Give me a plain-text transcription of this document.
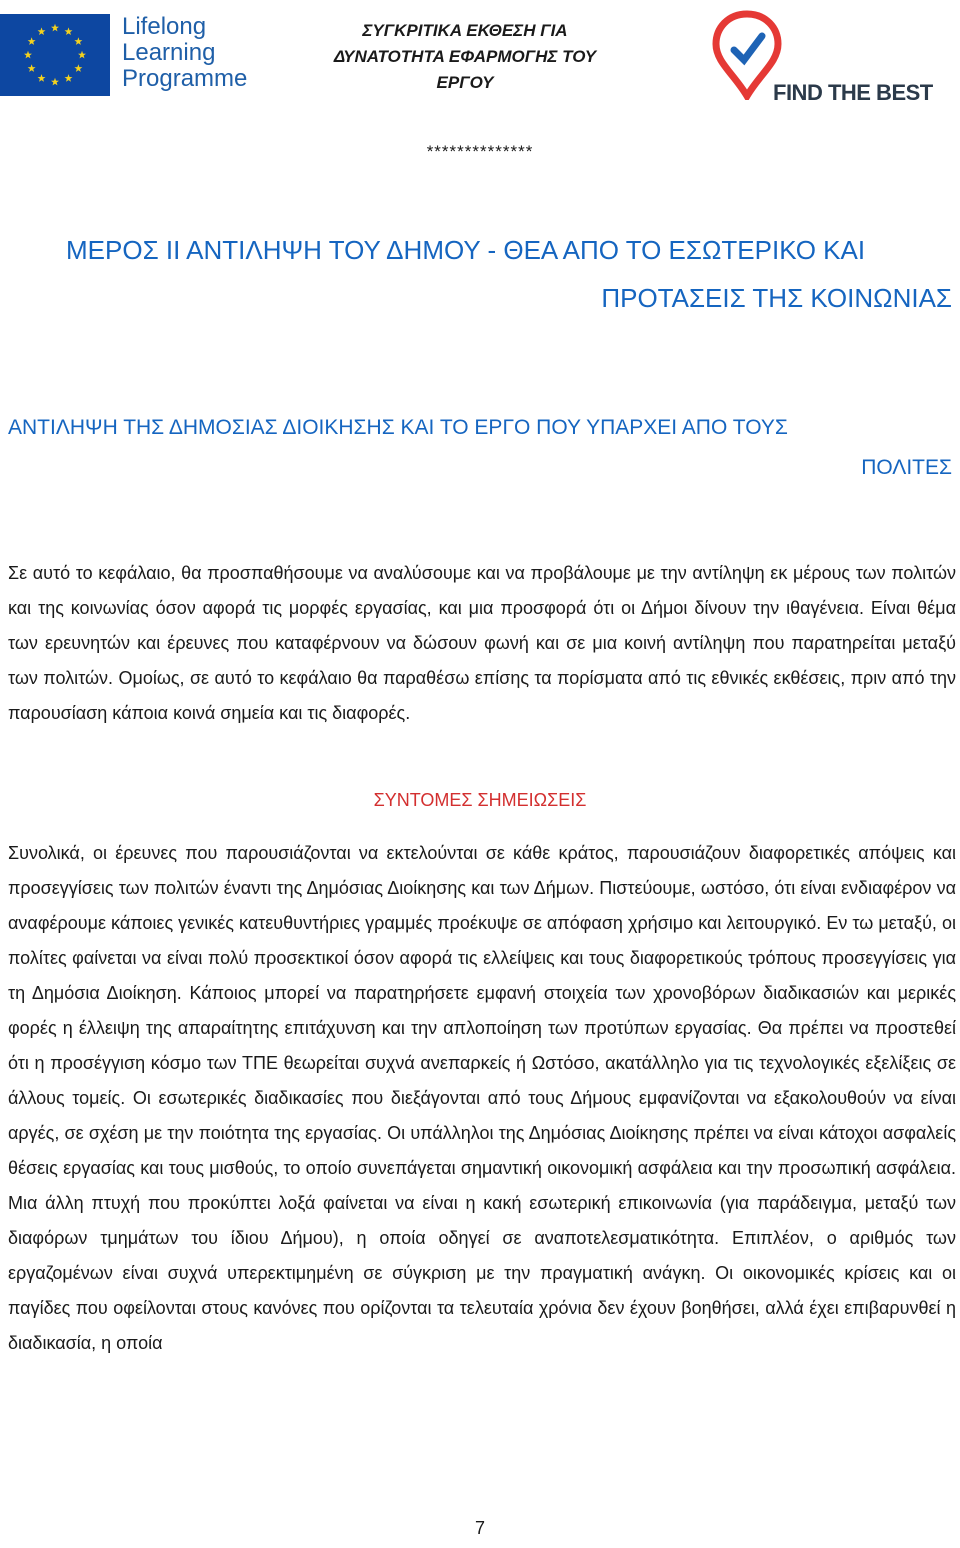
Lifelong
Learning
Programme
ΣΥΓΚΡΙΤΙΚΑ ΕΚΘΕΣΗ ΓΙΑ
ΔΥΝΑΤΟΤΗΤΑ ΕΦΑΡΜΟΓΗΣ ΤΟΥ
ΕΡΓΟΥ	FIND THE BEST
**************
ΜΕΡΟΣ ΙΙ ΑΝΤΙΛΗΨΗ ΤΟΥ ΔΗΜΟΥ - ΘΕΑ ΑΠΟ ΤΟ ΕΣΩΤΕΡΙΚΟ ΚΑΙ
ΠΡΟΤΑΣΕΙΣ ΤΗΣ ΚΟΙΝΩΝΙΑΣ
ΑΝΤΙΛΗΨΗ ΤΗΣ ΔΗΜΟΣΙΑΣ ΔΙΟΙΚΗΣΗΣ ΚΑΙ ΤΟ ΕΡΓΟ ΠΟΥ ΥΠΑΡΧΕΙ ΑΠΟ ΤΟΥΣ
ΠΟΛΙΤΕΣ
Σε αυτό το κεφάλαιο, θα προσπαθήσουμε να αναλύσουμε και να προβάλουμε με την αντίληψη εκ μέρους των πολιτών και της κοινωνίας όσον αφορά τις μορφές εργασίας, και μια προσφορά ότι οι Δήμοι δίνουν την ιθαγένεια. Είναι θέμα των ερευνητών και έρευνες που καταφέρνουν να δώσουν φωνή και σε μια κοινή αντίληψη που παρατηρείται μεταξύ των πολιτών. Ομοίως, σε αυτό το κεφάλαιο θα παραθέσω επίσης τα πορίσματα από τις εθνικές εκθέσεις, πριν από την παρουσίαση κάποια κοινά σημεία και τις διαφορές.
ΣΥΝΤΟΜΕΣ ΣΗΜΕΙΩΣΕΙΣ
Συνολικά, οι έρευνες που παρουσιάζονται να εκτελούνται σε κάθε κράτος, παρουσιάζουν διαφορετικές απόψεις και προσεγγίσεις των πολιτών έναντι της Δημόσιας Διοίκησης και των Δήμων. Πιστεύουμε, ωστόσο, ότι είναι ενδιαφέρον να αναφέρουμε κάποιες γενικές κατευθυντήριες γραμμές προέκυψε σε απόφαση χρήσιμο και λειτουργικό. Εν τω μεταξύ, οι πολίτες φαίνεται να είναι πολύ προσεκτικοί όσον αφορά τις ελλείψεις και τους διαφορετικούς τρόπους προσεγγίσεις για τη Δημόσια Διοίκηση. Κάποιος μπορεί να παρατηρήσετε εμφανή στοιχεία των χρονοβόρων διαδικασιών και μερικές φορές η έλλειψη της απαραίτητης επιτάχυνση και την απλοποίηση των προτύπων εργασίας. Θα πρέπει να προστεθεί ότι η προσέγγιση κόσμο των ΤΠΕ θεωρείται συχνά ανεπαρκείς ή Ωστόσο, ακατάλληλο για τις τεχνολογικές εξελίξεις σε άλλους τομείς. Οι εσωτερικές διαδικασίες που διεξάγονται από τους Δήμους εμφανίζονται να εξακολουθούν να είναι αργές, σε σχέση με την ποιότητα της εργασίας. Οι υπάλληλοι της Δημόσιας Διοίκησης πρέπει να είναι κάτοχοι ασφαλείς θέσεις εργασίας και τους μισθούς, το οποίο συνεπάγεται σημαντική οικονομική ασφάλεια και την προσωπική ασφάλεια. Μια άλλη πτυχή που προκύπτει λοξά φαίνεται να είναι η κακή εσωτερική επικοινωνία (για παράδειγμα, μεταξύ των διαφόρων τμημάτων του ίδιου Δήμου), η οποία οδηγεί σε αναποτελεσματικότητα. Επιπλέον, ο αριθμός των εργαζομένων είναι συχνά υπερεκτιμημένη σε σύγκριση με την πραγματική ανάγκη. Οι οικονομικές κρίσεις και οι παγίδες που οφείλονται στους κανόνες που ορίζονται τα τελευταία χρόνια δεν έχουν βοηθήσει, αλλά έχει επιβαρυνθεί η διαδικασία, η οποία
7
